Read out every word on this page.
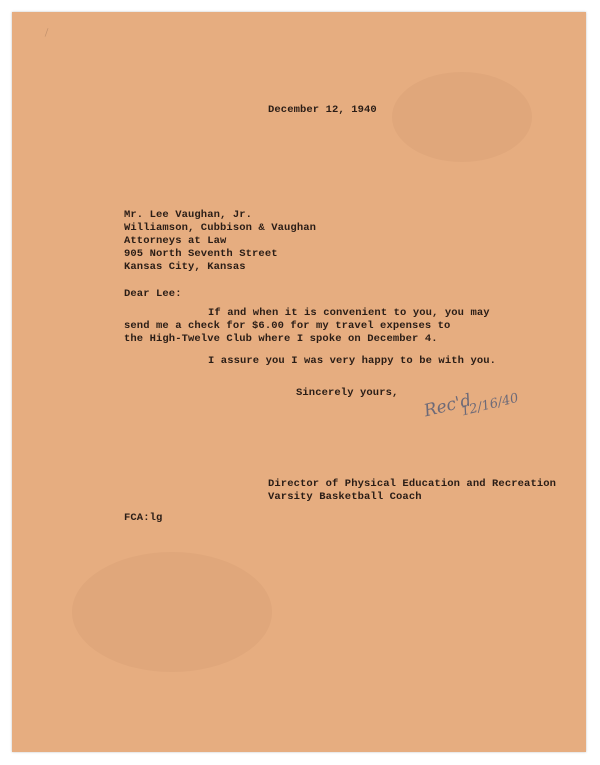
⁄
December 12, 1940
Mr. Lee Vaughan, Jr.
Williamson, Cubbison & Vaughan
Attorneys at Law
905 North Seventh Street
Kansas City, Kansas
Dear Lee:
If and when it is convenient to you, you may
send me a check for $6.00 for my travel expenses to
the High-Twelve Club where I spoke on December 4.
I assure you I was very happy to be with you.
Sincerely yours, Rec'd
12/16/40
Director of Physical Education and Recreation
Varsity Basketball Coach
FCA:lg
